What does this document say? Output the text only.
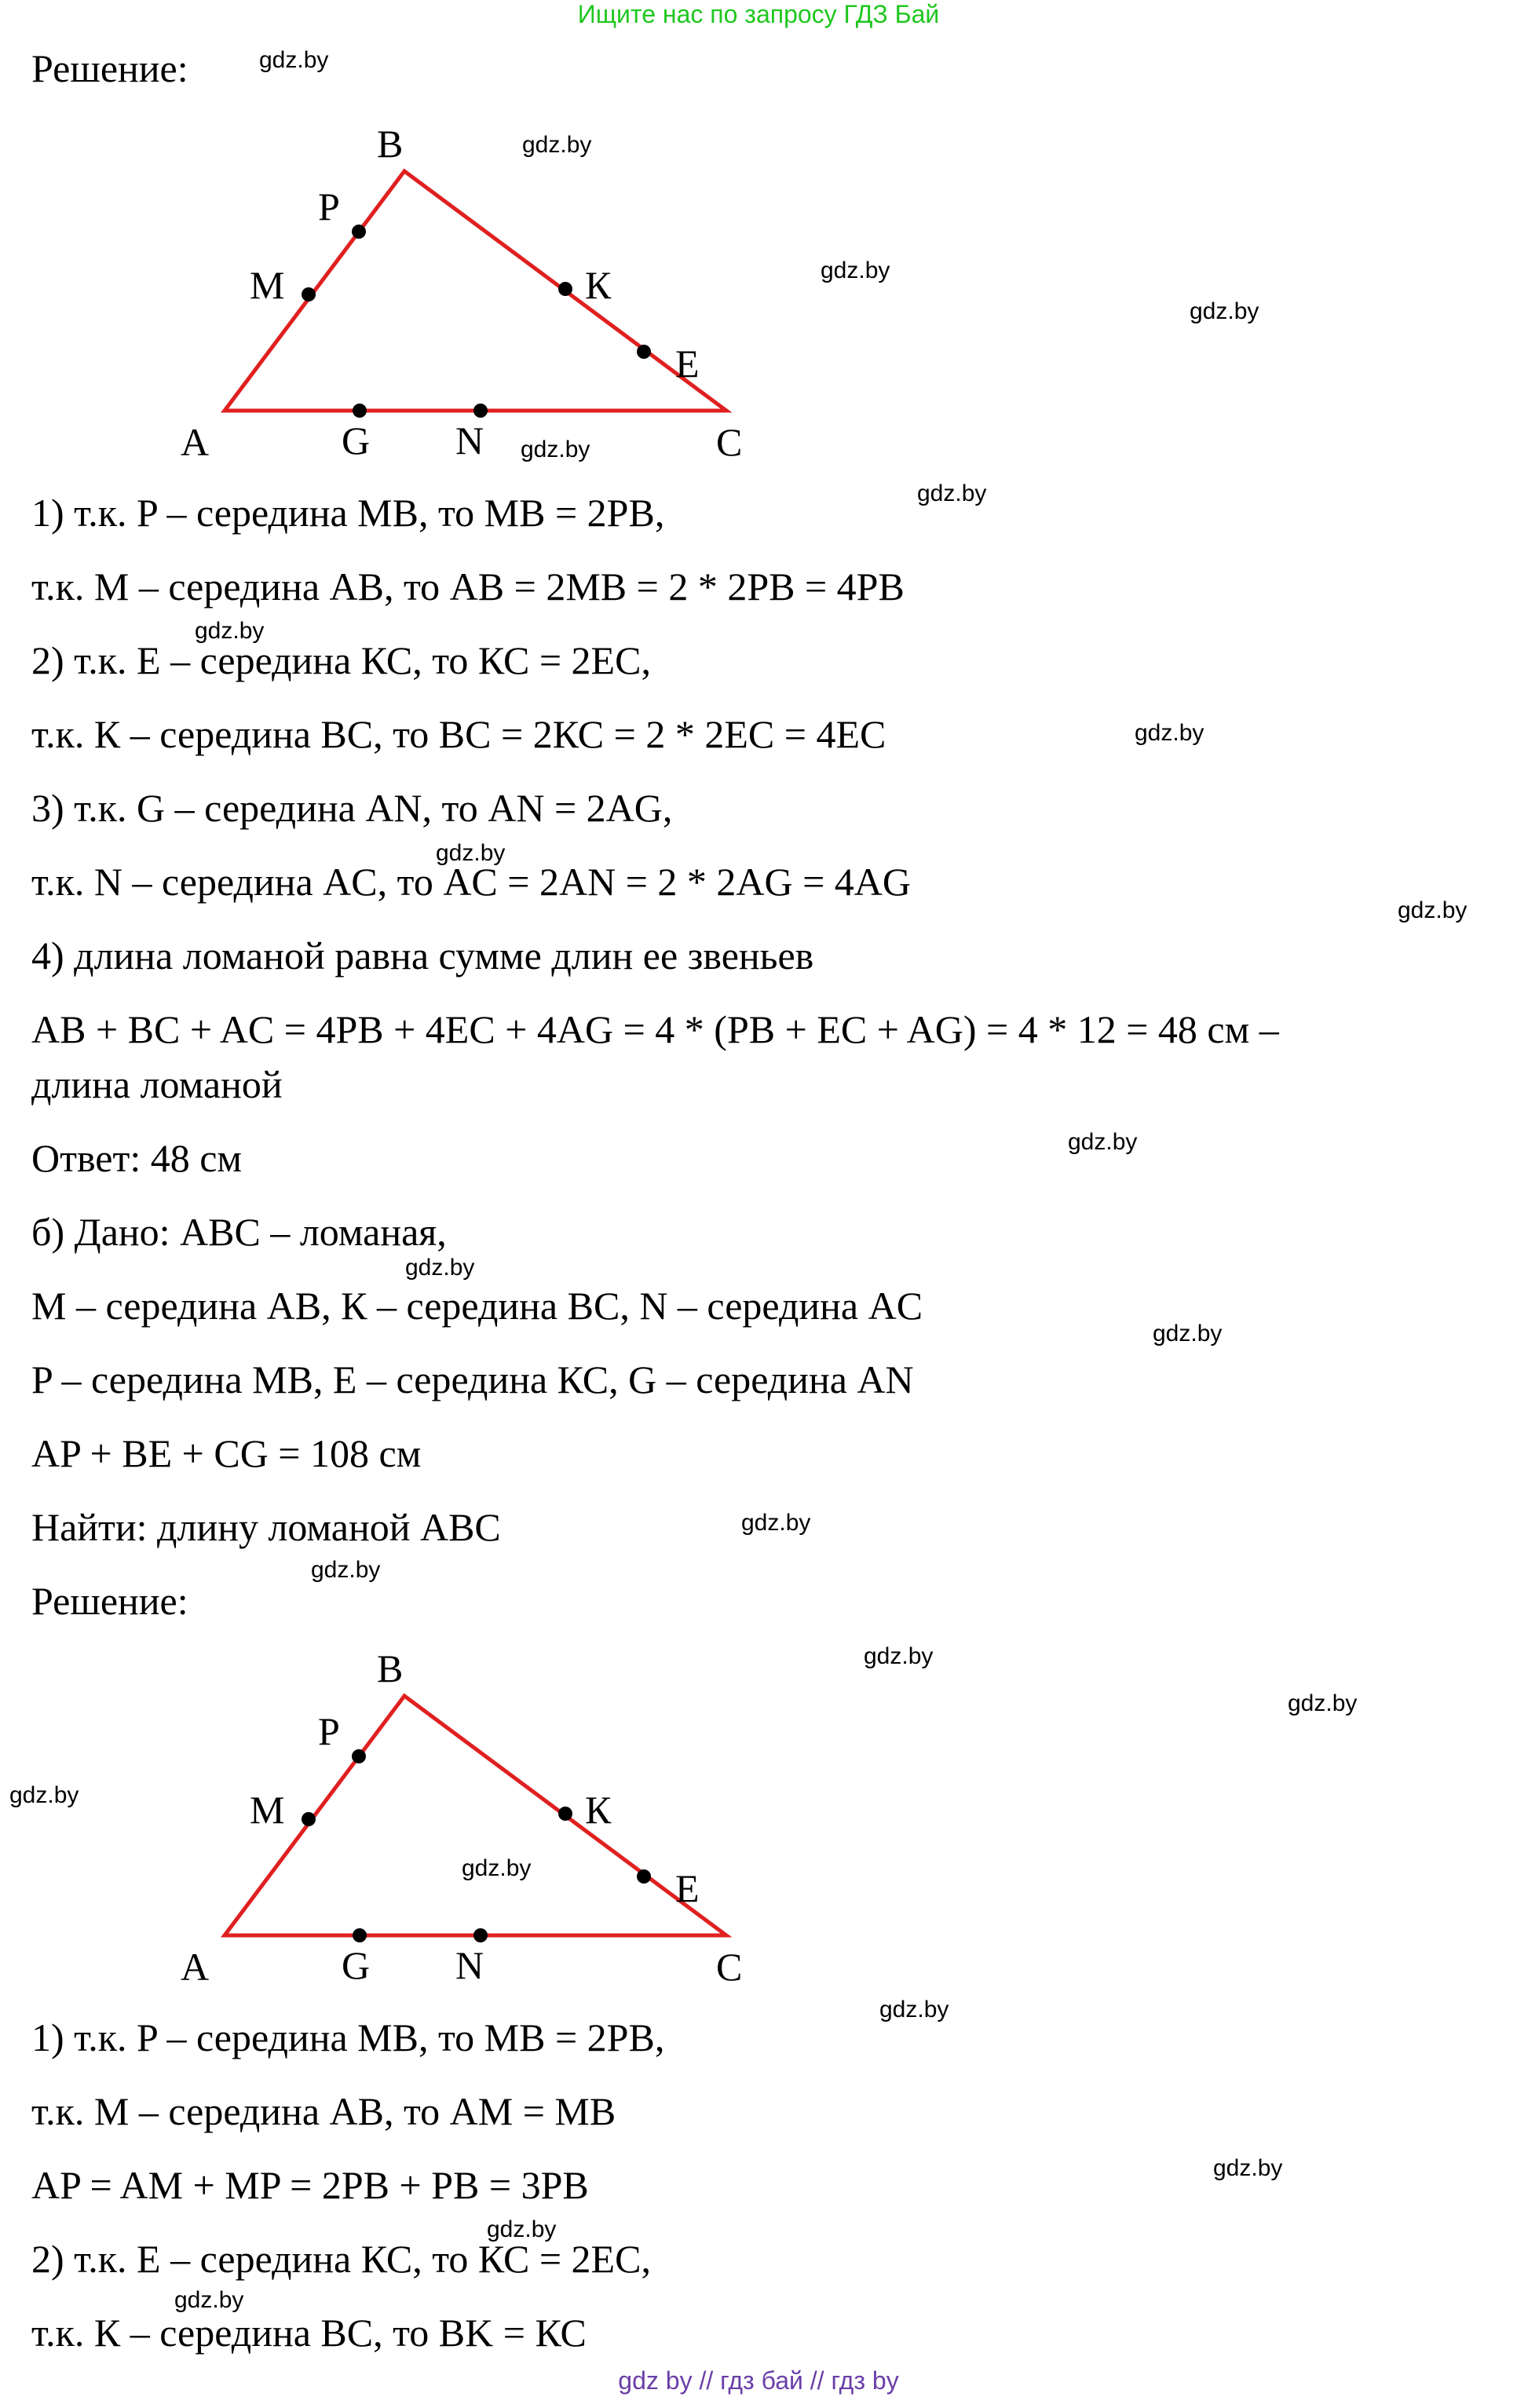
Ищите нас по запросу ГДЗ Бай
Решение:
B
P
M	К
E
A	G N	C
1) т.к. P – середина MB, то MB = 2PB,
т.к. M – середина AB, то AB = 2MB = 2 * 2PB = 4PB
2) т.к. E – середина КС, то КС = 2EC,
т.к. К – середина BC, то BC = 2КС = 2 * 2EC = 4EC
3) т.к. G – середина AN, то AN = 2AG,
т.к. N – середина AC, то AC = 2AN = 2 * 2AG = 4AG
4) длина ломаной равна сумме длин ее звеньев
AB + BC + AC = 4PB + 4EC + 4AG = 4 * (PB + EC + AG) = 4 * 12 = 48 см –
длина ломаной
Ответ: 48 см
б) Дано: ABC – ломаная,
M – середина AB, К – середина BC, N – середина AC
P – середина MB, E – середина КС, G – середина AN
AP + BE + CG = 108 см
Найти: длину ломаной ABC
Решение:
B
P
M	К
E
A	G N	C
1) т.к. P – середина MB, то MB = 2PB,
т.к. M – середина AB, то AM = MB
AP = AM + MP = 2PB + PB = 3PB
2) т.к. E – середина КС, то КС = 2EC,
т.к. К – середина BC, то BK = КС
gdz.by
gdz.by
gdz.by
gdz.by
gdz.by
gdz.by
gdz.by
gdz.by
gdz.by
gdz.by
gdz.by
gdz.by
gdz.by
gdz.by
gdz.by
gdz.by
gdz.by
gdz.by
gdz.by
gdz.by
gdz.by
gdz.by
gdz.by
gdz by // гдз бай // гдз by
